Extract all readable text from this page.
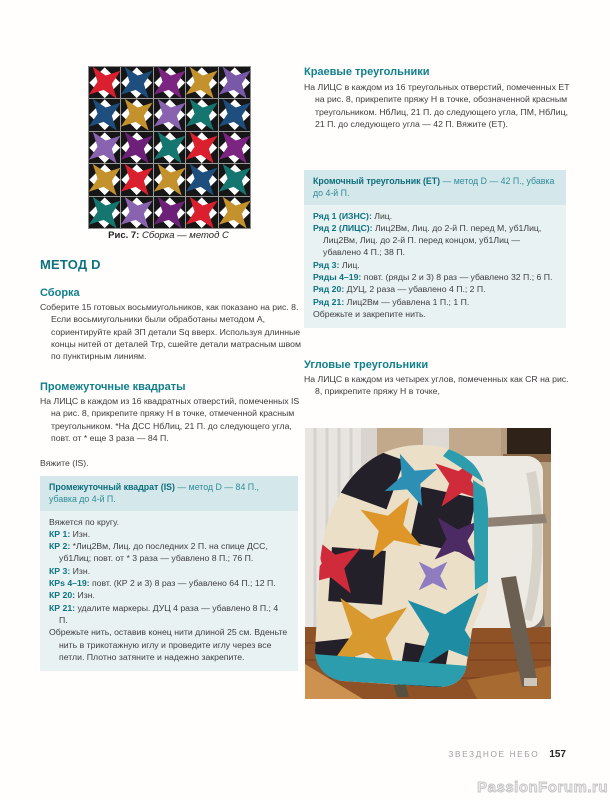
Рис. 7: Сборка — метод С
МЕТОД D
Сборка
Соберите 15 готовых восьмиугольников, как показано на рис. 8. Если восьмиугольники были обработаны методом А, сориентируйте край ЗП детали Sq вверх. Используя длинные концы нитей от деталей Trp, сшейте детали матрасным швом по пунктирным линиям.
Промежуточные квадраты
На ЛИЦС в каждом из 16 квадратных отверстий, помеченных IS на рис. 8, прикрепите пряжу Н в точке, отмеченной красным треугольником. *На ДСС НбЛиц, 21 П. до следующего угла, повт. от * еще 3 раза — 84 П.
Вяжите (IS).
Промежуточный квадрат (IS) — метод D — 84 П., убавка до 4-й П.
Вяжется по кругу.
КР 1: Изн.
КР 2: *Лиц2Вм, Лиц. до последних 2 П. на спице ДСС, уб1Лиц; повт. от * 3 раза — убавлено 8 П.; 76 П.
КР 3: Изн.
КРs 4–19: повт. (КР 2 и 3) 8 раз — убавлено 64 П.; 12 П.
КР 20: Изн.
КР 21: удалите маркеры. ДУЦ 4 раза — убавлено 8 П.; 4 П.
Обрежьте нить, оставив конец нити длиной 25 см. Вденьте нить в трикотажную иглу и проведите иглу через все петли. Плотно затяните и надежно закрепите.
Краевые треугольники
На ЛИЦС в каждом из 16 треугольных отверстий, помеченных ЕТ на рис. 8, прикрепите пряжу Н в точке, обозначенной красным треугольником. НбЛиц, 21 П. до следующего угла, ПМ, НбЛиц, 21 П. до следующего угла — 42 П. Вяжите (ЕТ).
Кромочный треугольник (ЕТ) — метод D — 42 П., убавка до 4-й П.
Ряд 1 (ИЗНС): Лиц.
Ряд 2 (ЛИЦС): Лиц2Вм, Лиц. до 2-й П. перед М, уб1Лиц, Лиц2Вм, Лиц. до 2-й П. перед концом, уб1Лиц — убавлено 4 П.; 38 П.
Ряд 3: Лиц.
Ряды 4–19: повт. (ряды 2 и 3) 8 раз — убавлено 32 П.; 6 П.
Ряд 20: ДУЦ, 2 раза — убавлено 4 П.; 2 П.
Ряд 21: Лиц2Вм — убавлена 1 П.; 1 П.
Обрежьте и закрепите нить.
Угловые треугольники
На ЛИЦС в каждом из четырех углов, помеченных как CR на рис. 8, прикрепите пряжу Н в точке,
ЗВЕЗДНОЕ НЕБО 157
PassionForum.ru
